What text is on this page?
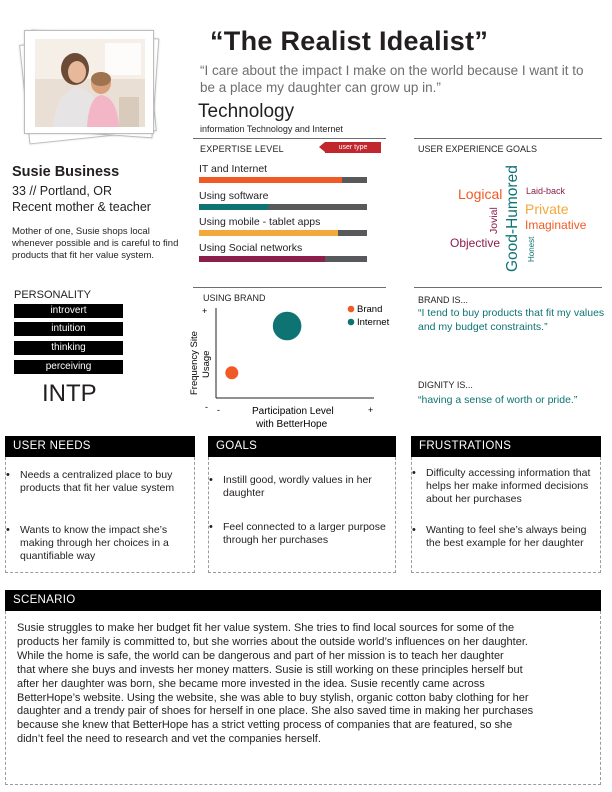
“The Realist Idealist”
“I care about the impact I make on the world because I want it to be a place my daughter can grow up in.”
Susie Business
33 // Portland, OR
Recent mother & teacher
Mother of one, Susie shops local whenever possible and is careful to find products that fit her value system.
PERSONALITY
introvert
intuition
thinking
perceiving
INTP
Technology
information Technology and Internet
EXPERTISE LEVEL	user type
IT and Internet
Using software
Using mobile - tablet apps
Using Social networks
USER EXPERIENCE GOALS
Logical
Jovial Good-Humored Laid-back
Private
Imaginative
Objective	Honest
USING BRAND
+
- -	+
Frequency Site Usage
Participation Level
with BetterHope
Brand
Internet
BRAND IS...
“I tend to buy products that fit my values and my budget constraints.”
DIGNITY IS...
“having a sense of worth or pride.”
USER NEEDS
• Needs a centralized place to buy products that fit her value system
• Wants to know the impact she’s making through her choices in a quantifiable way
GOALS
• Instill good, wordly values in her daughter
• Feel connected to a larger purpose through her purchases
FRUSTRATIONS
• Difficulty accessing information that helps her make informed decisions about her purchases
• Wanting to feel she’s always being the best example for her daughter
SCENARIO
Susie struggles to make her budget fit her value system. She tries to find local sources for some of the
products her family is committed to, but she worries about the outside world’s influences on her daughter.
While the home is safe, the world can be dangerous and part of her mission is to teach her daughter
that where she buys and invests her money matters. Susie is still working on these principles herself but
after her daughter was born, she became more invested in the idea. Susie recently came across
BetterHope’s website. Using the website, she was able to buy stylish, organic cotton baby clothing for her
daughter and a trendy pair of shoes for herself in one place. She also saved time in making her purchases
because she knew that BetterHope has a strict vetting process of companies that are featured, so she
didn’t feel the need to research and vet the companies herself.
